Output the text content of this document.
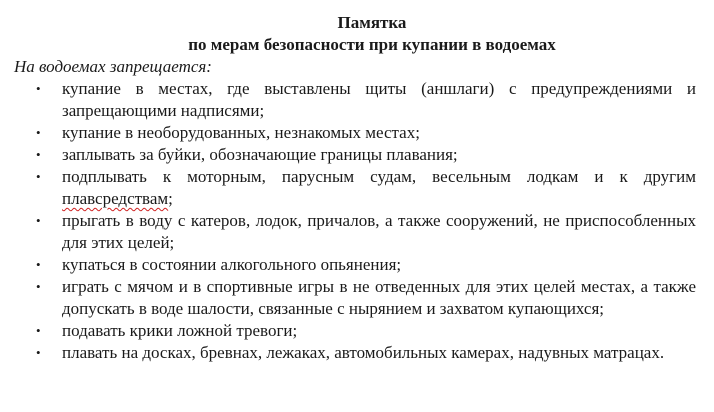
Памятка

по мерам безопасности при купании в водоемах

На водоемах запрещается:

• купание в местах, где выставлены щиты (аншлаги) с предупреждениями и запрещающими надписями;
• купание в необорудованных, незнакомых местах;
• заплывать за буйки, обозначающие границы плавания;
• подплывать к моторным, парусным судам, весельным лодкам и к другим плавсредствам;
• прыгать в воду с катеров, лодок, причалов, а также сооружений, не приспособленных для этих целей;
• купаться в состоянии алкогольного опьянения;
• играть с мячом и в спортивные игры в не отведенных для этих целей местах, а также допускать в воде шалости, связанные с нырянием и захватом купающихся;
• подавать крики ложной тревоги;
• плавать на досках, бревнах, лежаках, автомобильных камерах, надувных матрацах.
